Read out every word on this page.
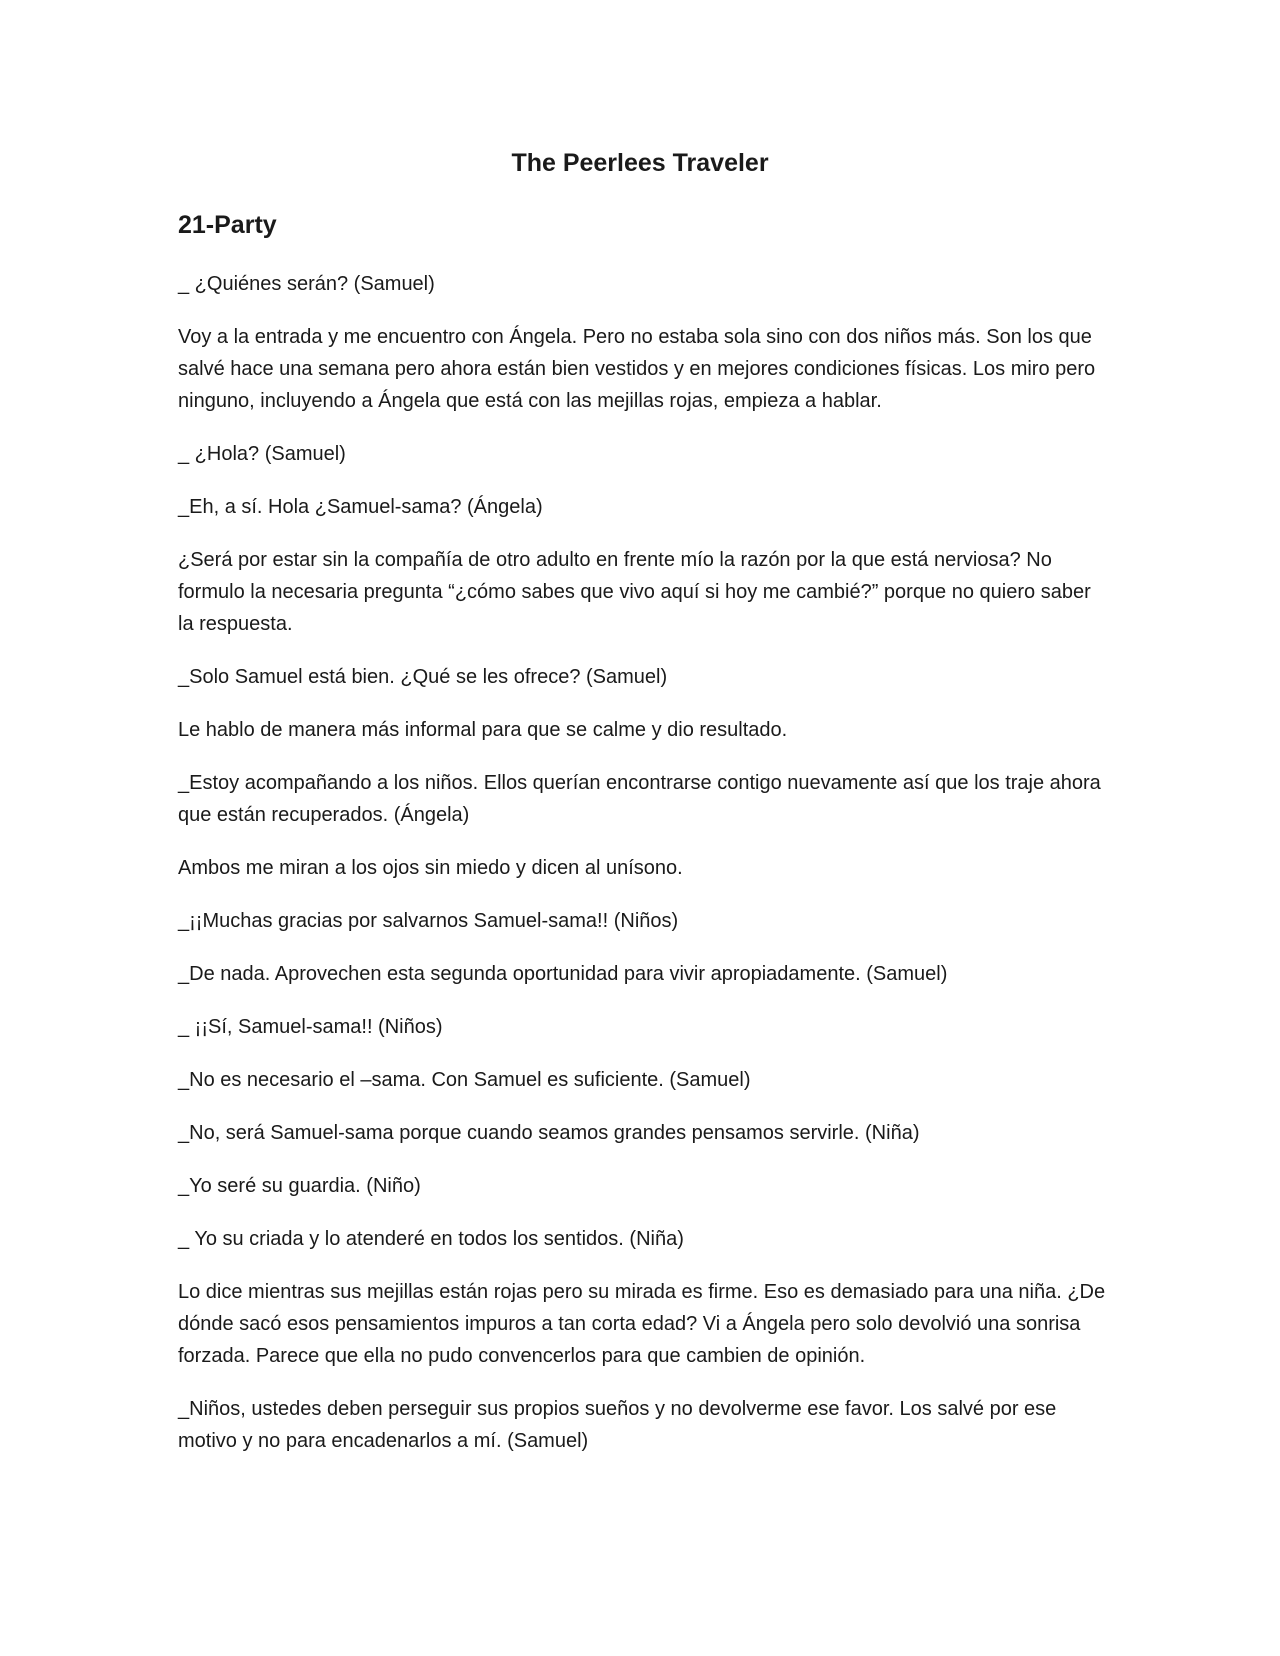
The Peerlees Traveler
21-Party

_ ¿Quiénes serán? (Samuel)

Voy a la entrada y me encuentro con Ángela. Pero no estaba sola sino con dos niños más. Son los que salvé hace una semana pero ahora están bien vestidos y en mejores condiciones físicas. Los miro pero ninguno, incluyendo a Ángela que está con las mejillas rojas, empieza a hablar.

_ ¿Hola? (Samuel)

_Eh, a sí. Hola ¿Samuel-sama? (Ángela)

¿Será por estar sin la compañía de otro adulto en frente mío la razón por la que está nerviosa? No formulo la necesaria pregunta “¿cómo sabes que vivo aquí si hoy me cambié?” porque no quiero saber la respuesta.

_Solo Samuel está bien. ¿Qué se les ofrece? (Samuel)

Le hablo de manera más informal para que se calme y dio resultado.

_Estoy acompañando a los niños. Ellos querían encontrarse contigo nuevamente así que los traje ahora que están recuperados. (Ángela)

Ambos me miran a los ojos sin miedo y dicen al unísono.

_¡¡Muchas gracias por salvarnos Samuel-sama!! (Niños)

_De nada. Aprovechen esta segunda oportunidad para vivir apropiadamente. (Samuel)

_ ¡¡Sí, Samuel-sama!! (Niños)

_No es necesario el –sama. Con Samuel es suficiente. (Samuel)

_No, será Samuel-sama porque cuando seamos grandes pensamos servirle. (Niña)

_Yo seré su guardia. (Niño)

_ Yo su criada y lo atenderé en todos los sentidos. (Niña)

Lo dice mientras sus mejillas están rojas pero su mirada es firme. Eso es demasiado para una niña. ¿De dónde sacó esos pensamientos impuros a tan corta edad? Vi a Ángela pero solo devolvió una sonrisa forzada. Parece que ella no pudo convencerlos para que cambien de opinión.

_Niños, ustedes deben perseguir sus propios sueños y no devolverme ese favor. Los salvé por ese motivo y no para encadenarlos a mí. (Samuel)
